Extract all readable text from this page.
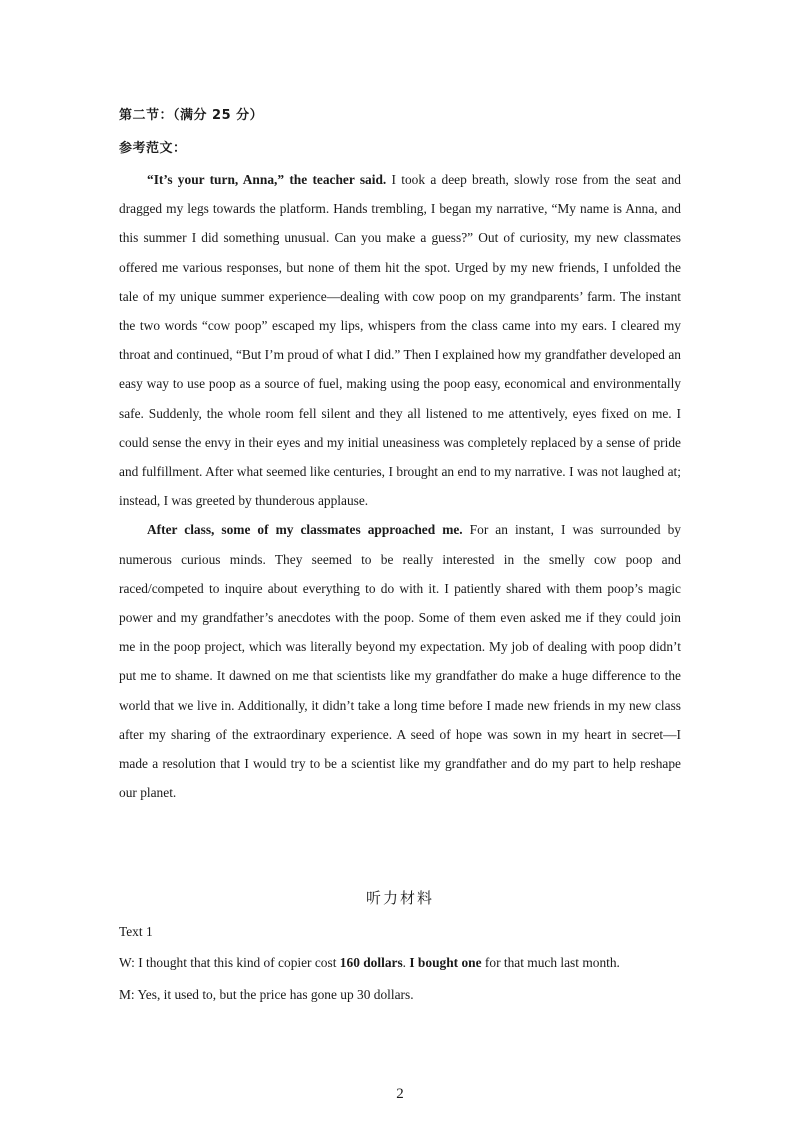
第二节：（满分 25 分）
参考范文：

“It’s your turn, Anna,” the teacher said. I took a deep breath, slowly rose from the seat and dragged my legs towards the platform. Hands trembling, I began my narrative, “My name is Anna, and this summer I did something unusual. Can you make a guess?” Out of curiosity, my new classmates offered me various responses, but none of them hit the spot. Urged by my new friends, I unfolded the tale of my unique summer experience—dealing with cow poop on my grandparents’ farm. The instant the two words “cow poop” escaped my lips, whispers from the class came into my ears. I cleared my throat and continued, “But I’m proud of what I did.” Then I explained how my grandfather developed an easy way to use poop as a source of fuel, making using the poop easy, economical and environmentally safe. Suddenly, the whole room fell silent and they all listened to me attentively, eyes fixed on me. I could sense the envy in their eyes and my initial uneasiness was completely replaced by a sense of pride and fulfillment. After what seemed like centuries, I brought an end to my narrative. I was not laughed at; instead, I was greeted by thunderous applause.

After class, some of my classmates approached me. For an instant, I was surrounded by numerous curious minds. They seemed to be really interested in the smelly cow poop and raced/competed to inquire about everything to do with it. I patiently shared with them poop’s magic power and my grandfather’s anecdotes with the poop. Some of them even asked me if they could join me in the poop project, which was literally beyond my expectation. My job of dealing with poop didn’t put me to shame. It dawned on me that scientists like my grandfather do make a huge difference to the world that we live in. Additionally, it didn’t take a long time before I made new friends in my new class after my sharing of the extraordinary experience. A seed of hope was sown in my heart in secret—I made a resolution that I would try to be a scientist like my grandfather and do my part to help reshape our planet.

听力材料
Text 1
W: I thought that this kind of copier cost 160 dollars. I bought one for that much last month.
M: Yes, it used to, but the price has gone up 30 dollars.
2
